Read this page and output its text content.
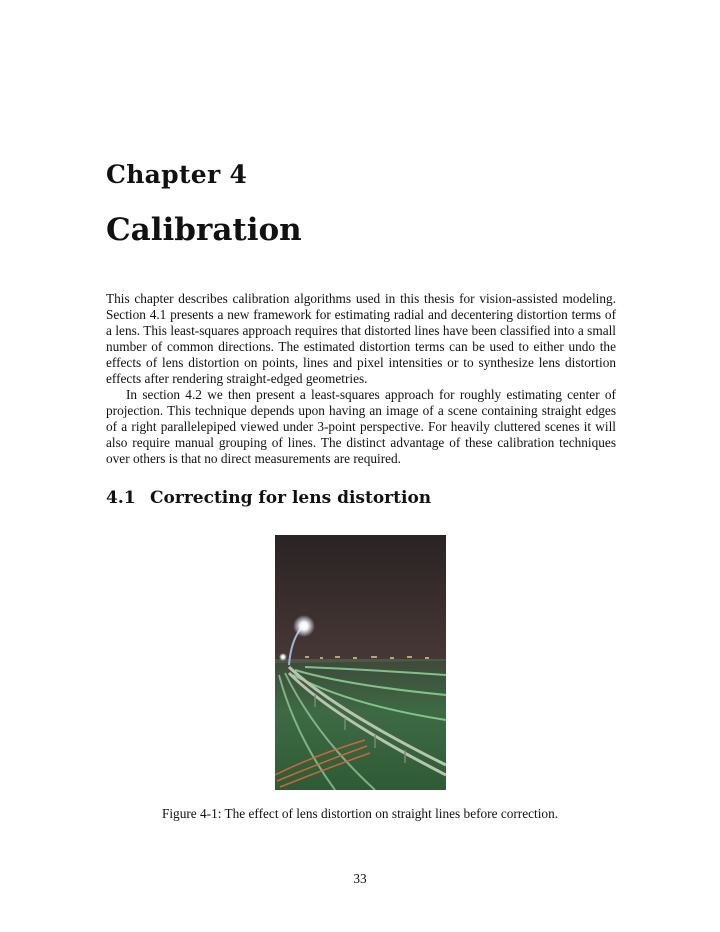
Chapter 4
Calibration

This chapter describes calibration algorithms used in this thesis for vision-assisted modeling. Section 4.1 presents a new framework for estimating radial and decentering distortion terms of a lens. This least-squares approach requires that distorted lines have been classified into a small number of common directions. The estimated distortion terms can be used to either undo the effects of lens distortion on points, lines and pixel intensities or to synthesize lens distortion effects after rendering straight-edged geometries.

In section 4.2 we then present a least-squares approach for roughly estimating center of projection. This technique depends upon having an image of a scene containing straight edges of a right parallelepiped viewed under 3-point perspective. For heavily cluttered scenes it will also require manual grouping of lines. The distinct advantage of these calibration techniques over others is that no direct measurements are required.

4.1 Correcting for lens distortion
Figure 4-1: The effect of lens distortion on straight lines before correction.
33
